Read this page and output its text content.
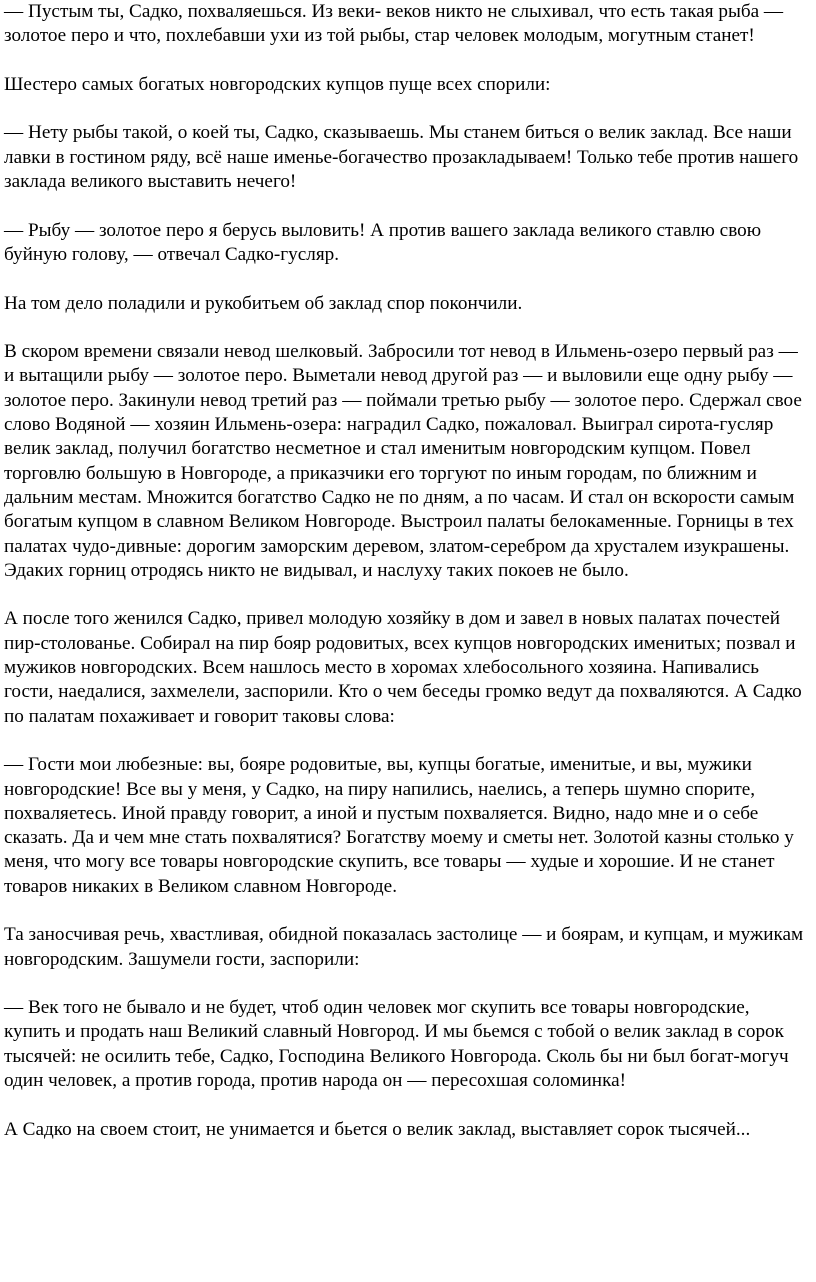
— Пустым ты, Садко, похваляешься. Из веки- веков никто не слыхивал, что есть такая рыба — золотое перо и что, похлебавши ухи из той рыбы, стар человек молодым, могутным станет!

Шестеро самых богатых новгородских купцов пуще всех спорили:

— Нету рыбы такой, о коей ты, Садко, сказываешь. Мы станем биться о велик заклад. Все наши лавки в гостином ряду, всё наше именье-богачество прозакладываем! Только тебе против нашего заклада великого выставить нечего!

— Рыбу — золотое перо я берусь выловить! А против вашего заклада великого ставлю свою буйную голову, — отвечал Садко-гусляр.

На том дело поладили и рукобитьем об заклад спор покончили.

В скором времени связали невод шелковый. Забросили тот невод в Ильмень-озеро первый раз — и вытащили рыбу — золотое перо. Выметали невод другой раз — и выловили еще одну рыбу — золотое перо. Закинули невод третий раз — поймали третью рыбу — золотое перо. Сдержал свое слово Водяной — хозяин Ильмень-озера: наградил Садко, пожаловал. Выиграл сирота-гусляр велик заклад, получил богатство несметное и стал именитым новгородским купцом. Повел торговлю большую в Новгороде, а приказчики его торгуют по иным городам, по ближним и дальним местам. Множится богатство Садко не по дням, а по часам. И стал он вскорости самым богатым купцом в славном Великом Новгороде. Выстроил палаты белокаменные. Горницы в тех палатах чудо-дивные: дорогим заморским деревом, златом-серебром да хрусталем изукрашены. Эдаких горниц отродясь никто не видывал, и наслуху таких покоев не было.

А после того женился Садко, привел молодую хозяйку в дом и завел в новых палатах почестей пир-столованье. Собирал на пир бояр родовитых, всех купцов новгородских именитых; позвал и мужиков новгородских. Всем нашлось место в хоромах хлебосольного хозяина. Напивались гости, наедалися, захмелели, заспорили. Кто о чем беседы громко ведут да похваляются. А Садко по палатам похаживает и говорит таковы слова:

— Гости мои любезные: вы, бояре родовитые, вы, купцы богатые, именитые, и вы, мужики новгородские! Все вы у меня, у Садко, на пиру напились, наелись, а теперь шумно спорите, похваляетесь. Иной правду говорит, а иной и пустым похваляется. Видно, надо мне и о себе сказать. Да и чем мне стать похвалятися? Богатству моему и сметы нет. Золотой казны столько у меня, что могу все товары новгородские скупить, все товары — худые и хорошие. И не станет товаров никаких в Великом славном Новгороде.

Та заносчивая речь, хвастливая, обидной показалась застолице — и боярам, и купцам, и мужикам новгородским. Зашумели гости, заспорили:

— Век того не бывало и не будет, чтоб один человек мог скупить все товары новгородские, купить и продать наш Великий славный Новгород. И мы бьемся с тобой о велик заклад в сорок тысячей: не осилить тебе, Садко, Господина Великого Новгорода. Сколь бы ни был богат-могуч один человек, а против города, против народа он — пересохшая соломинка!

А Садко на своем стоит, не унимается и бьется о велик заклад, выставляет сорок тысячей...
